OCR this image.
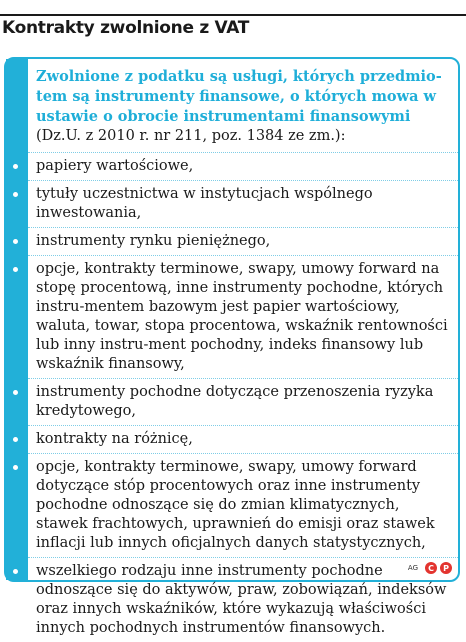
Kontrakty zwolnione z VAT
Zwolnione z podatku są usługi, których przedmio-tem są instrumenty finansowe, o których mowa w ustawie o obrocie instrumentami finansowymi (Dz.U. z 2010 r. nr 211, poz. 1384 ze zm.):
papiery wartościowe,
tytuły uczestnictwa w instytucjach wspólnego inwestowania,
instrumenty rynku pieniężnego,
opcje, kontrakty terminowe, swapy, umowy forward na stopę procentową, inne instrumenty pochodne, których instru-mentem bazowym jest papier wartościowy, waluta, towar, stopa procentowa, wskaźnik rentowności lub inny instru-ment pochodny, indeks finansowy lub wskaźnik finansowy,
instrumenty pochodne dotyczące przenoszenia ryzyka kredytowego,
kontrakty na różnicę,
opcje, kontrakty terminowe, swapy, umowy forward dotyczące stóp procentowych oraz inne instrumenty pochodne odnoszące się do zmian klimatycznych, stawek frachtowych, uprawnień do emisji oraz stawek inflacji lub innych oficjalnych danych statystycznych,
wszelkiego rodzaju inne instrumenty pochodne odnoszące się do aktywów, praw, zobowiązań, indeksów oraz innych wskaźników, które wykazują właściwości innych pochodnych instrumentów finansowych.
AG	C	P
